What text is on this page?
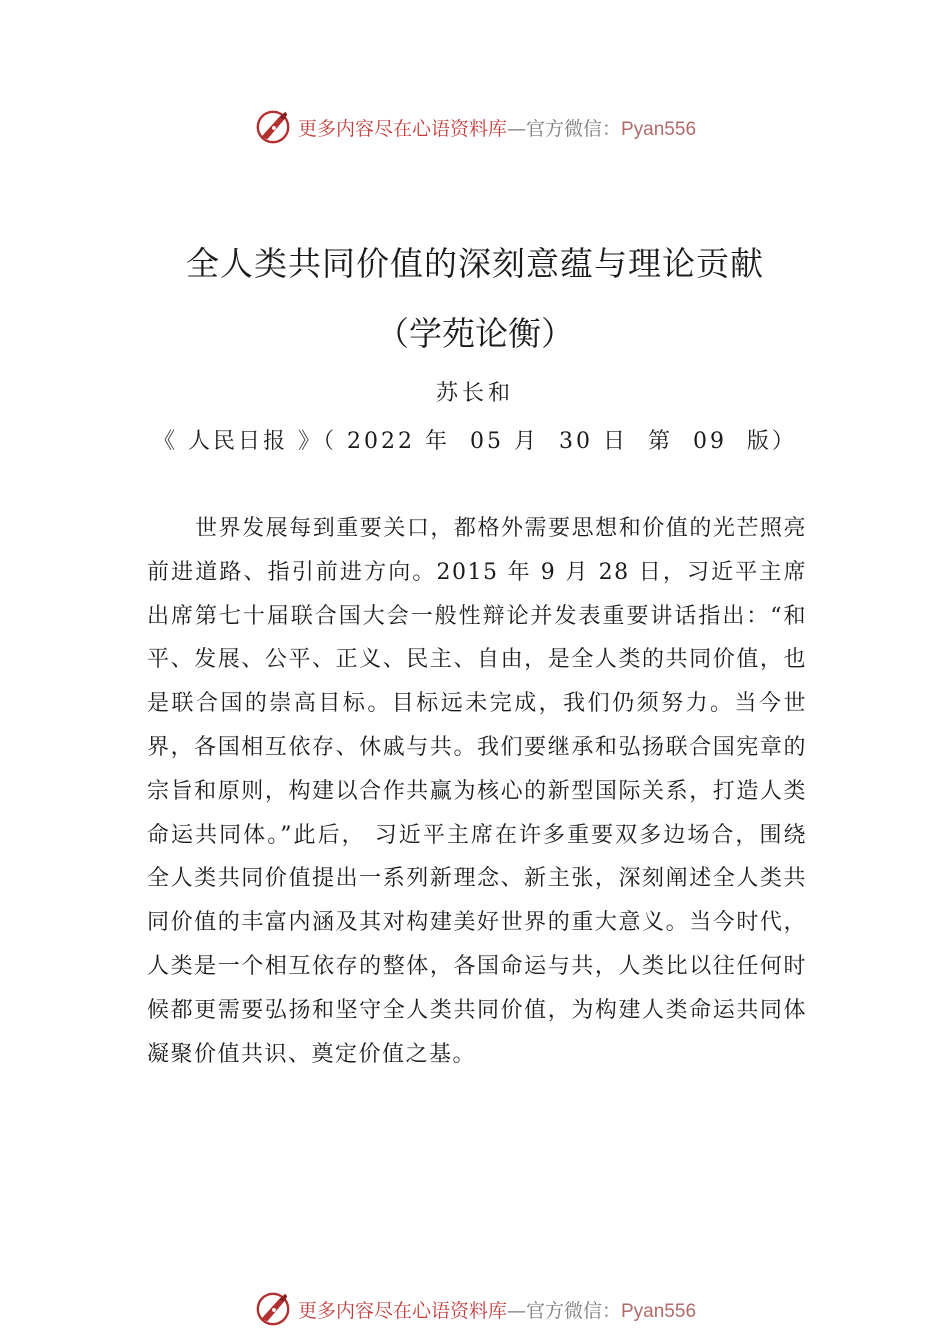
更多内容尽在心语资料库 — 官方微信： Pyan556
全人类共同价值的深刻意蕴与理论贡献
（学苑论衡）
苏长和
《 人民日报 》（ 2022 年  05 月  30 日  第  09  版）

世界发展每到重要关口，都格外需要思想和价值的光芒照亮前进道路、指引前进方向。2015 年 9 月 28 日，习近平主席出席第七十届联合国大会一般性辩论并发表重要讲话指出：“和平、发展、公平、正义、民主、自由，是全人类的共同价值，也是联合国的崇高目标。目标远未完成，我们仍须努力。当今世界，各国相互依存、休戚与共。我们要继承和弘扬联合国宪章的宗旨和原则，构建以合作共赢为核心的新型国际关系，打造人类命运共同体。”此后， 习近平主席在许多重要双多边场合，围绕全人类共同价值提出一系列新理念、新主张，深刻阐述全人类共同价值的丰富内涵及其对构建美好世界的重大意义。当今时代，人类是一个相互依存的整体，各国命运与共，人类比以往任何时候都更需要弘扬和坚守全人类共同价值，为构建人类命运共同体凝聚价值共识、奠定价值之基。

更多内容尽在心语资料库 — 官方微信： Pyan556
